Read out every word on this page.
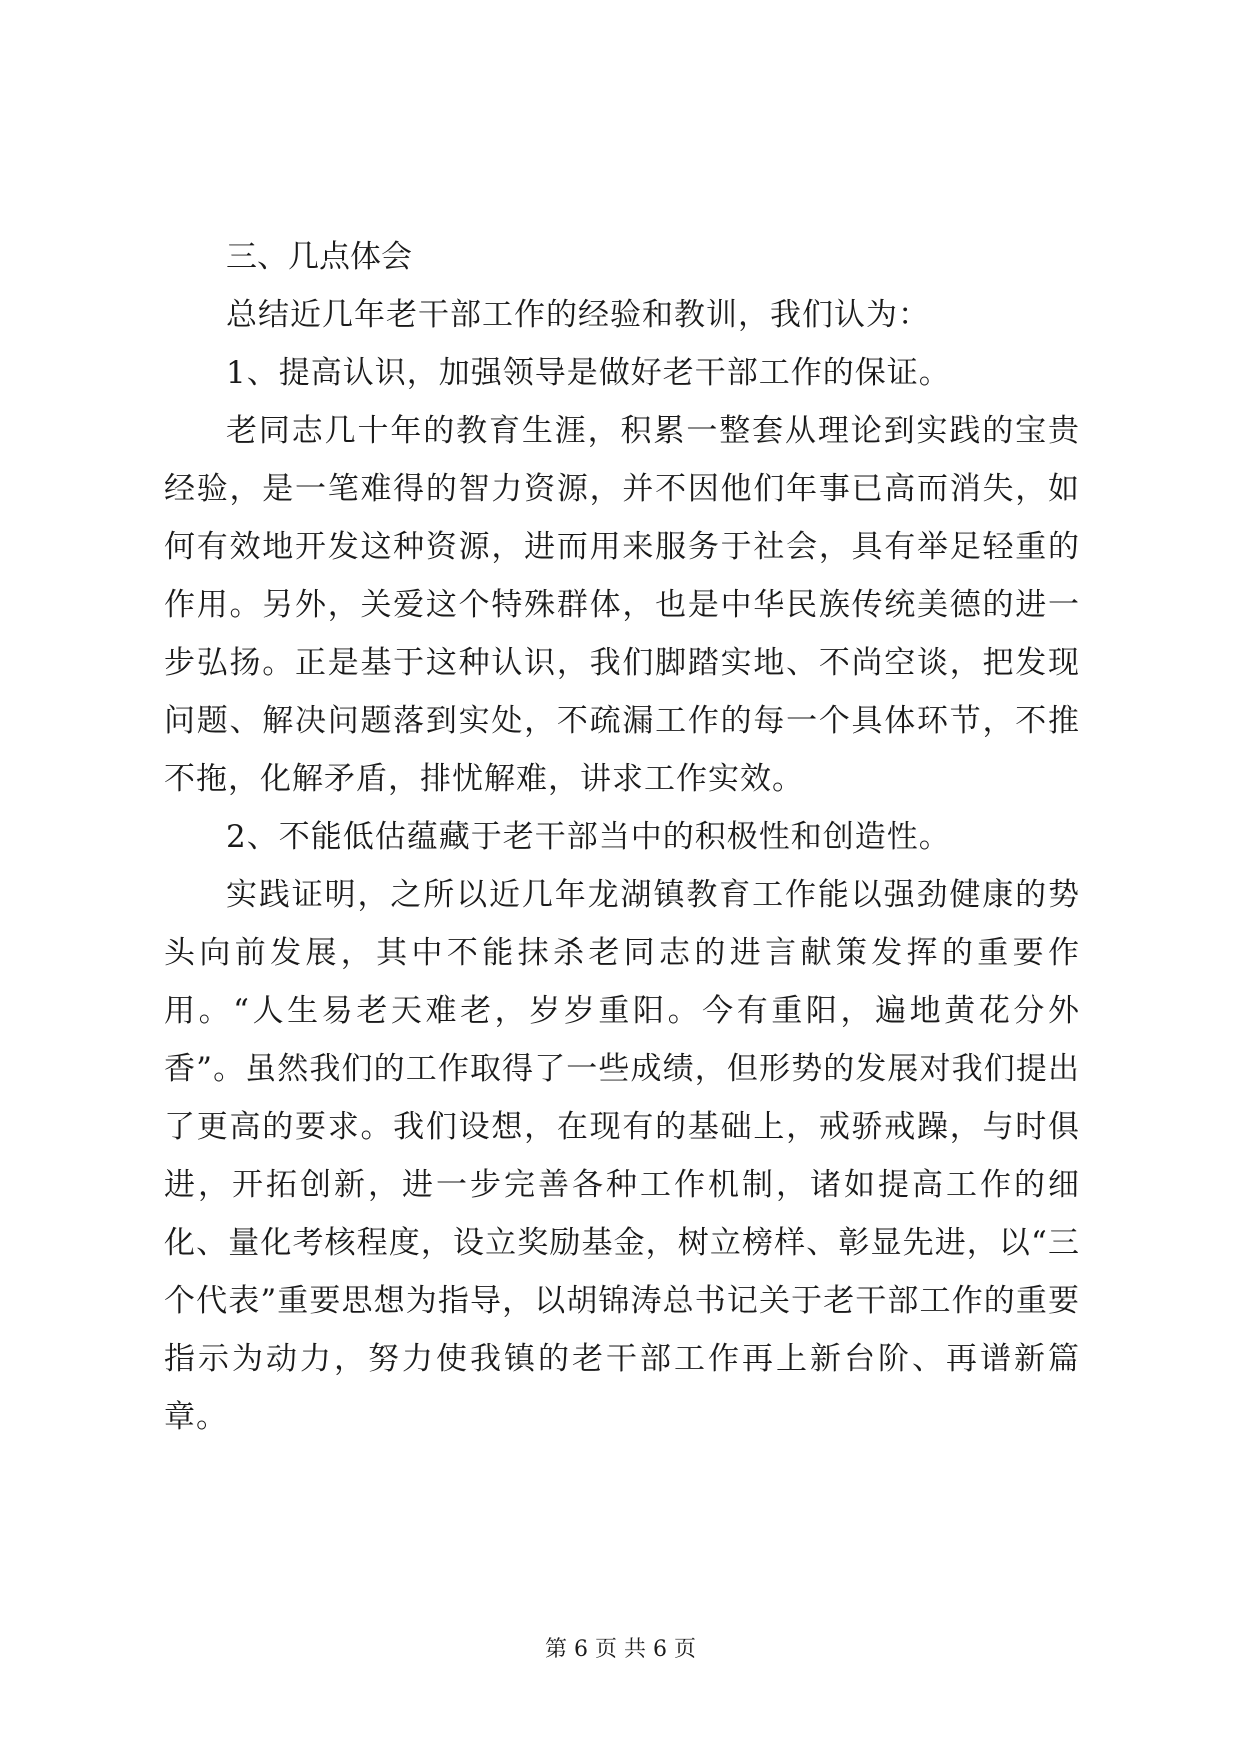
三、几点体会

总结近几年老干部工作的经验和教训，我们认为：

1、提高认识，加强领导是做好老干部工作的保证。

老同志几十年的教育生涯，积累一整套从理论到实践的宝贵经验，是一笔难得的智力资源，并不因他们年事已高而消失，如何有效地开发这种资源，进而用来服务于社会，具有举足轻重的作用。另外，关爱这个特殊群体，也是中华民族传统美德的进一步弘扬。正是基于这种认识，我们脚踏实地、不尚空谈，把发现问题、解决问题落到实处，不疏漏工作的每一个具体环节，不推不拖，化解矛盾，排忧解难，讲求工作实效。

2、不能低估蕴藏于老干部当中的积极性和创造性。

实践证明，之所以近几年龙湖镇教育工作能以强劲健康的势头向前发展，其中不能抹杀老同志的进言献策发挥的重要作用。“人生易老天难老，岁岁重阳。今有重阳，遍地黄花分外香”。虽然我们的工作取得了一些成绩，但形势的发展对我们提出了更高的要求。我们设想，在现有的基础上，戒骄戒躁，与时俱进，开拓创新，进一步完善各种工作机制，诸如提高工作的细化、量化考核程度，设立奖励基金，树立榜样、彰显先进，以“三个代表”重要思想为指导，以胡锦涛总书记关于老干部工作的重要指示为动力，努力使我镇的老干部工作再上新台阶、再谱新篇章。

第 6 页 共 6 页
